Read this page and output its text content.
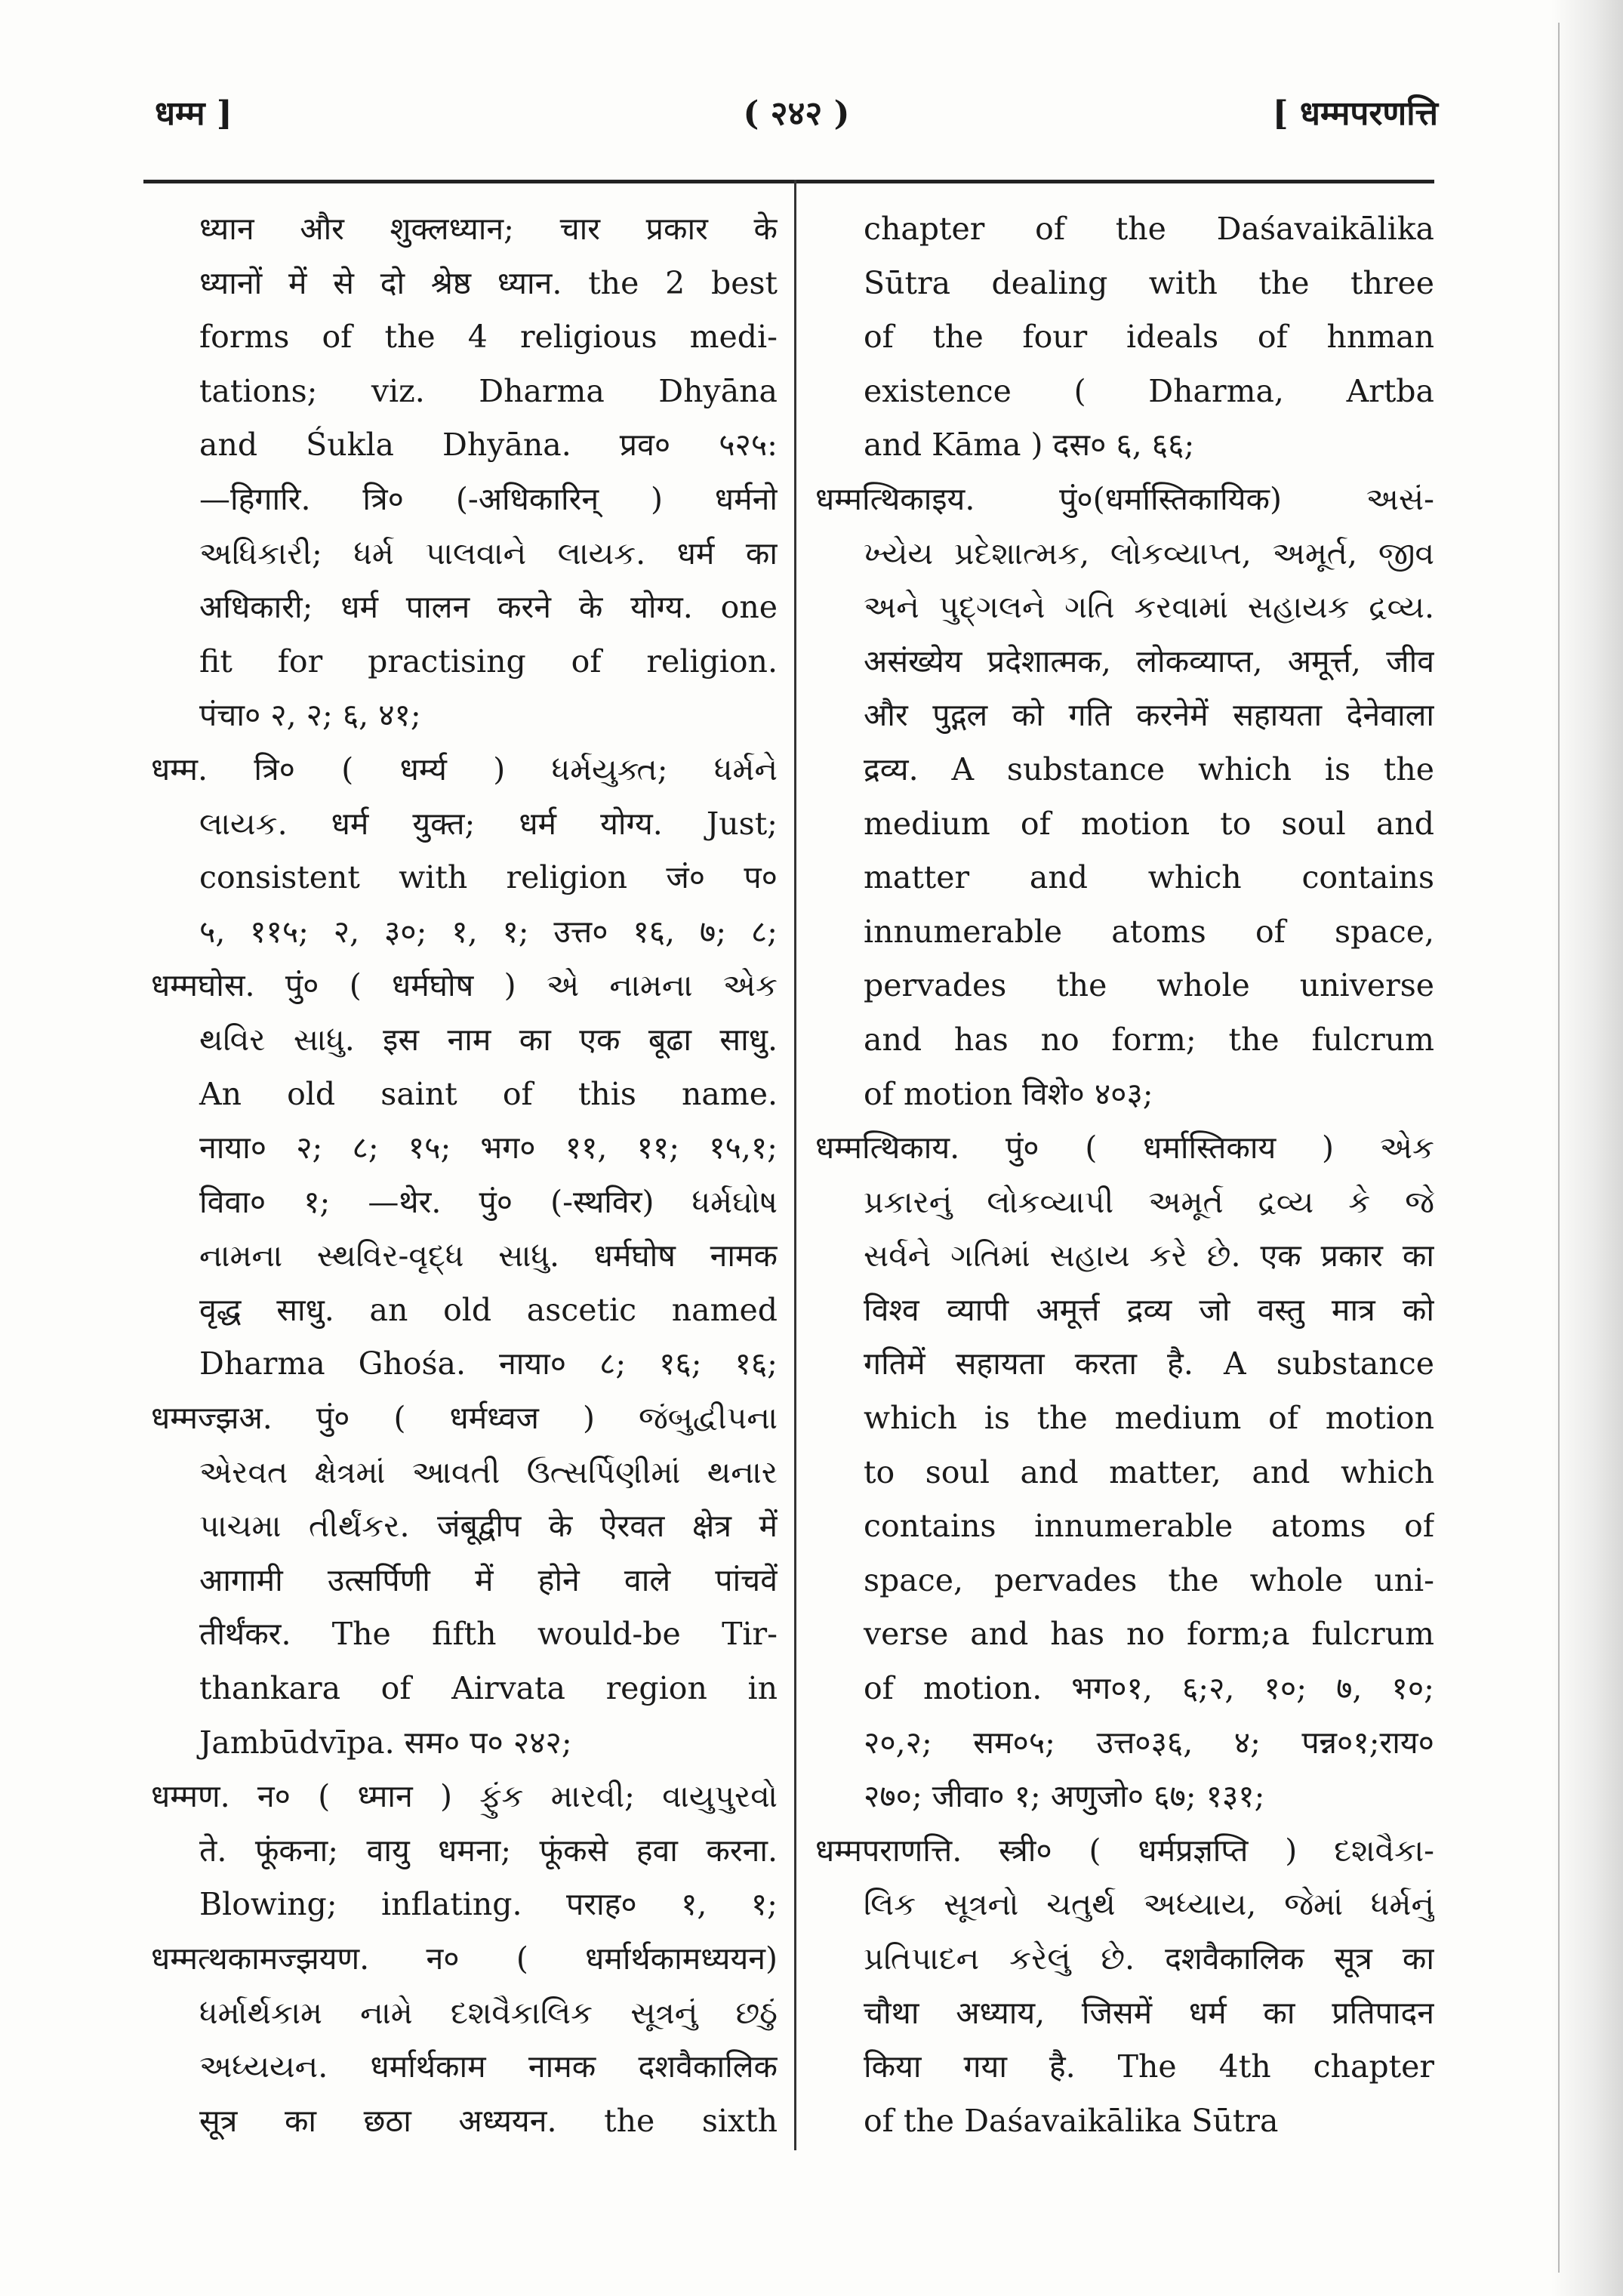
धम्म ]	( २४२ )	[ धम्मपरणत्ति
ध्यान और शुक्लध्यान; चार प्रकार के
ध्यानों में से दो श्रेष्ठ ध्यान. the 2 best
forms of the 4 religious medi-
tations; viz. Dharma Dhyāna
and Śukla Dhyāna. प्रव० ५२५:
—हिगारि. त्रि० (-अधिकारिन् ) धर्मनो
અધિકારી; ધર્મ પાલવાને લાયક. धर्म का
अधिकारी; धर्म पालन करने के योग्य. one
fit for practising of religion.
पंचा० २, २; ६, ४१;
धम्म. त्रि० ( धर्म्य ) ધર્મયુક્ત; ધર્મને
લાયક. धर्म युक्त; धर्म योग्य. Just;
consistent with religion जं० प०
५, ११५; २, ३०; १, १; उत्त० १६, ७; ८;
धम्मघोस. पुं० ( धर्मघोष ) એ નામના એક
થવિર સાધુ. इस नाम का एक बूढा साधु.
An old saint of this name.
नाया० २; ८; १५; भग० ११, ११; १५,१;
विवा० १; —थेर. पुं० (-स्थविर) ધર્મઘોષ
નામના સ્થવિર-વૃદ્ધ સાધુ. धर्मघोष नामक
वृद्ध साधु. an old ascetic named
Dharma Ghośa. नाया० ८; १६; १६;
धम्मज्झअ. पुं० ( धर्मध्वज ) જંબુદ્વીપના
એરવત ક્ષેત્રમાં આવતી ઉત્સર્પિણીમાં થનાર
પાચમા તીર્થંકર. जंबूद्वीप के ऐरवत क्षेत्र में
आगामी उत्सर्पिणी में होने वाले पांचवें
तीर्थंकर. The fifth would-be Tir-
thankara of Airvata region in
Jambūdvīpa. सम० प० २४२;
धम्मण. न० ( ध्मान ) ફુંક મારવી; વાયુપુરવો
ते. फूंकना; वायु धमना; फूंकसे हवा करना.
Blowing; inflating. पराह० १, १;
धम्मत्थकामज्झयण. न० ( धर्मार्थकामध्ययन)
ધર્માર્થકામ નામે દશવૈકાલિક સૂત્રનું છઠું
અધ્યયન. धर्मार्थकाम नामक दशवैकालिक
सूत्र का छठा अध्ययन. the sixth
chapter of the Daśavaikālika
Sūtra dealing with the three
of the four ideals of hnman
existence ( Dharma, Artba
and Kāma ) दस० ६, ६६;
धम्मत्थिकाइय. पुं०(धर्मास्तिकायिक) અસં-
ખ્યેય પ્રદેશાત્મક, લોકવ્યાપ્ત, અમૂર્ત, જીવ
અને પુદ્ગલને ગતિ કરવામાં સહાયક દ્રવ્ય.
असंख्येय प्रदेशात्मक, लोकव्याप्त, अमूर्त्त, जीव
और पुद्गल को गति करनेमें सहायता देनेवाला
द्रव्य. A substance which is the
medium of motion to soul and
matter and which contains
innumerable atoms of space,
pervades the whole universe
and has no form; the fulcrum
of motion विशे० ४०३;
धम्मत्थिकाय. पुं० ( धर्मास्तिकाय ) એક
પ્રકારનું લોકવ્યાપી અમૂર્ત દ્રવ્ય કે જે
સર્વને ગતિમાં સહાય કરે છે. एक प्रकार का
विश्व व्यापी अमूर्त्त द्रव्य जो वस्तु मात्र को
गतिमें सहायता करता है. A substance
which is the medium of motion
to soul and matter, and which
contains innumerable atoms of
space, pervades the whole uni-
verse and has no form;a fulcrum
of motion. भग०१, ६;२, १०; ७, १०;
२०,२; सम०५; उत्त०३६, ४; पन्न०१;राय०
२७०; जीवा० १; अणुजो० ६७; १३१;
धम्मपराणत्ति. स्त्री० ( धर्मप्रज्ञप्ति ) દશવૈકા-
લિક સૂત્રનો ચતુર્થ અધ્યાય, જેમાં ધર્મનું
પ્રતિપાદન કરેલું છે. दशवैकालिक सूत्र का
चौथा अध्याय, जिसमें धर्म का प्रतिपादन
किया गया है. The 4th chapter
of the Daśavaikālika Sūtra
